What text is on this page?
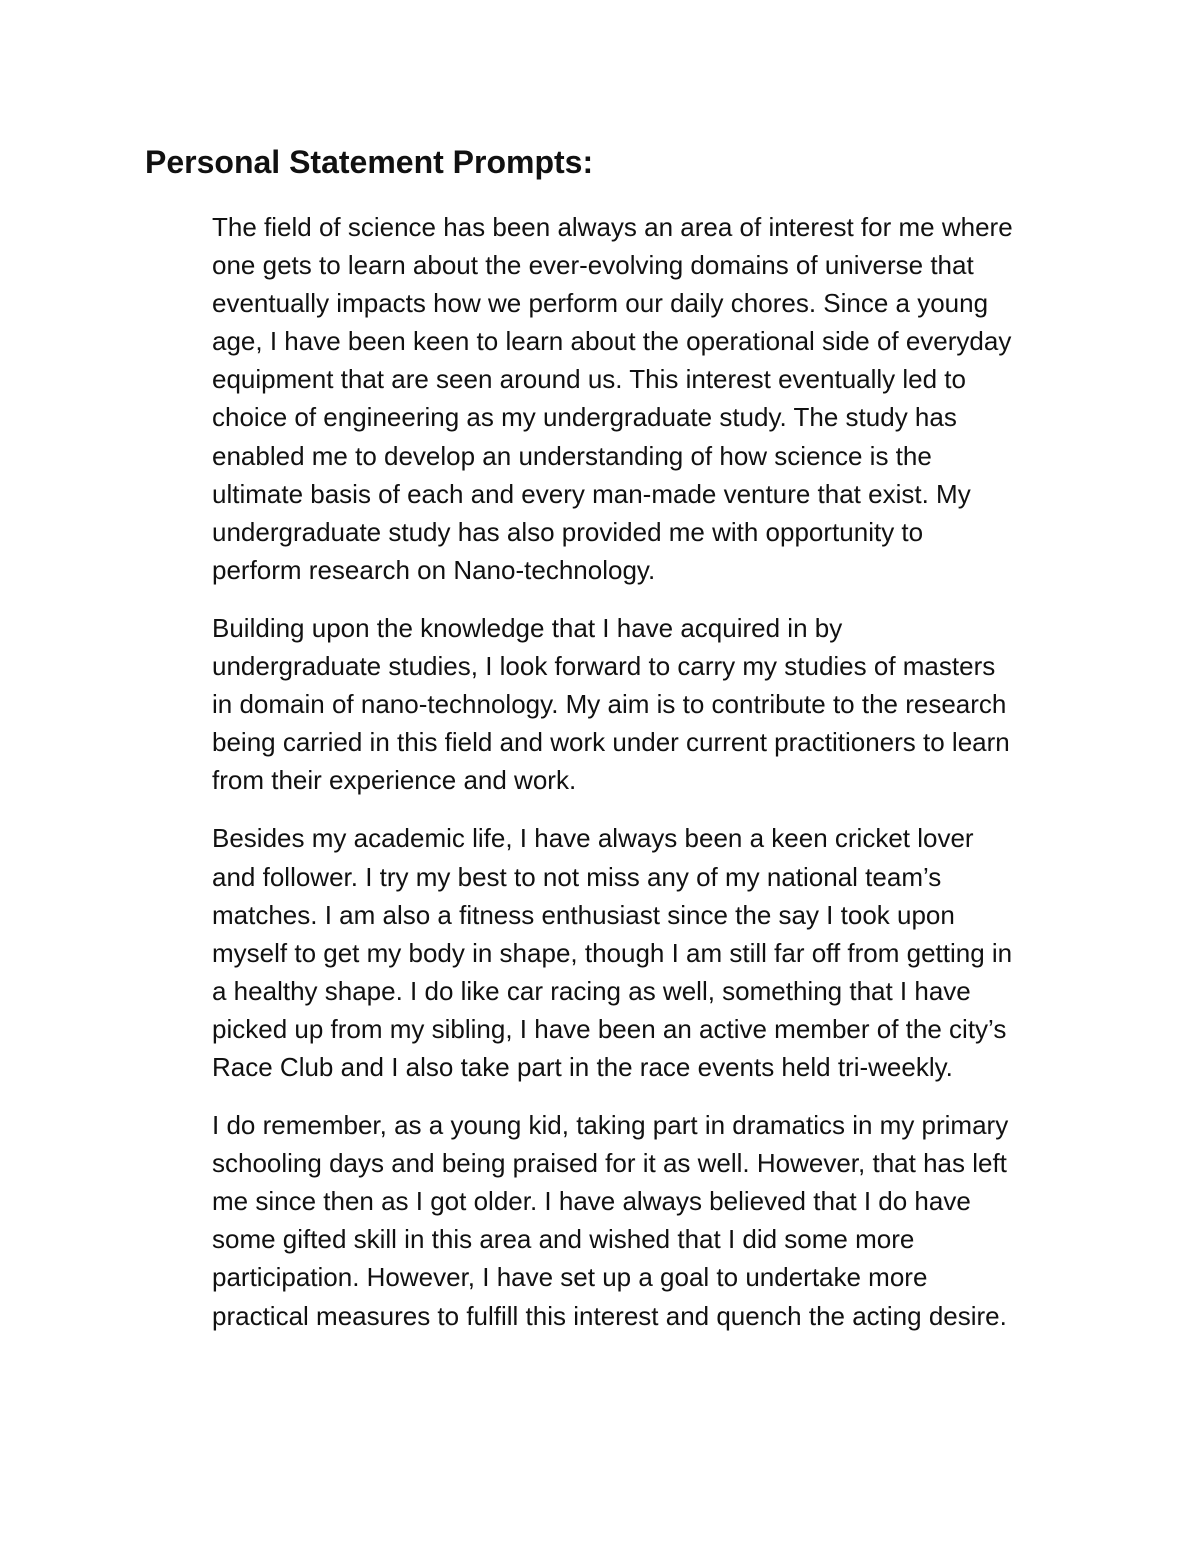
Personal Statement Prompts:

The field of science has been always an area of interest for me where
one gets to learn about the ever-evolving domains of universe that
eventually impacts how we perform our daily chores. Since a young
age, I have been keen to learn about the operational side of everyday
equipment that are seen around us. This interest eventually led to
choice of engineering as my undergraduate study. The study has
enabled me to develop an understanding of how science is the
ultimate basis of each and every man-made venture that exist. My
undergraduate study has also provided me with opportunity to
perform research on Nano-technology.

Building upon the knowledge that I have acquired in by
undergraduate studies, I look forward to carry my studies of masters
in domain of nano-technology. My aim is to contribute to the research
being carried in this field and work under current practitioners to learn
from their experience and work.

Besides my academic life, I have always been a keen cricket lover
and follower. I try my best to not miss any of my national team’s
matches. I am also a fitness enthusiast since the say I took upon
myself to get my body in shape, though I am still far off from getting in
a healthy shape. I do like car racing as well, something that I have
picked up from my sibling, I have been an active member of the city’s
Race Club and I also take part in the race events held tri-weekly.

I do remember, as a young kid, taking part in dramatics in my primary
schooling days and being praised for it as well. However, that has left
me since then as I got older. I have always believed that I do have
some gifted skill in this area and wished that I did some more
participation. However, I have set up a goal to undertake more
practical measures to fulfill this interest and quench the acting desire.
